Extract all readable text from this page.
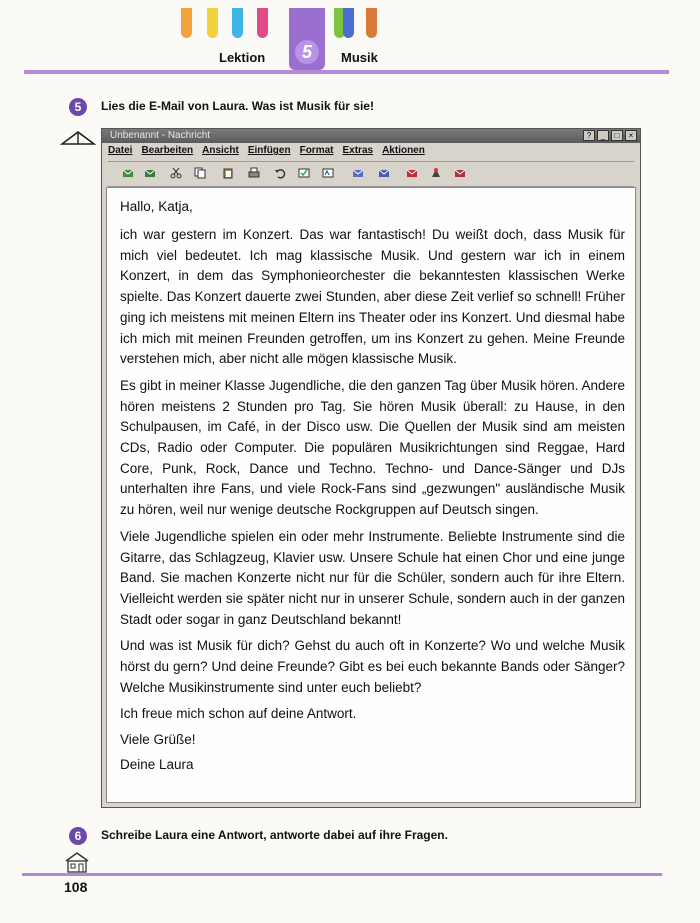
5
Lektion	Musik
5	Lies die E-Mail von Laura. Was ist Musik für sie!
Unbenannt - Nachricht	?	_	□	×
Datei Bearbeiten Ansicht Einfügen Format Extras Aktionen
Hallo, Katja,

ich war gestern im Konzert. Das war fantastisch! Du weißt doch, dass Musik für mich viel bedeutet. Ich mag klassische Musik. Und gestern war ich in einem Konzert, in dem das Symphonieorchester die bekanntesten klassischen Werke spielte. Das Konzert dauerte zwei Stunden, aber diese Zeit verlief so schnell! Früher ging ich meistens mit meinen Eltern ins Theater oder ins Konzert. Und diesmal habe ich mich mit meinen Freunden getroffen, um ins Konzert zu gehen. Meine Freunde verstehen mich, aber nicht alle mögen klassische Musik.

Es gibt in meiner Klasse Jugendliche, die den ganzen Tag über Musik hören. Andere hören meistens 2 Stunden pro Tag. Sie hören Musik überall: zu Hause, in den Schulpausen, im Café, in der Disco usw. Die Quellen der Musik sind am meisten CDs, Radio oder Computer. Die populären Musikrichtungen sind Reggae, Hard Core, Punk, Rock, Dance und Techno. Techno- und Dance-Sänger und DJs unterhalten ihre Fans, und viele Rock-Fans sind „gezwungen" ausländische Musik zu hören, weil nur wenige deutsche Rockgruppen auf Deutsch singen.

Viele Jugendliche spielen ein oder mehr Instrumente. Beliebte Instrumente sind die Gitarre, das Schlagzeug, Klavier usw. Unsere Schule hat einen Chor und eine junge Band. Sie machen Konzerte nicht nur für die Schüler, sondern auch für ihre Eltern. Vielleicht werden sie später nicht nur in unserer Schule, sondern auch in der ganzen Stadt oder sogar in ganz Deutschland bekannt!

Und was ist Musik für dich? Gehst du auch oft in Konzerte? Wo und welche Musik hörst du gern? Und deine Freunde? Gibt es bei euch bekannte Bands oder Sänger? Welche Musikinstrumente sind unter euch beliebt?

Ich freue mich schon auf deine Antwort.
Viele Grüße!
Deine Laura
6	Schreibe Laura eine Antwort, antworte dabei auf ihre Fragen.
108
